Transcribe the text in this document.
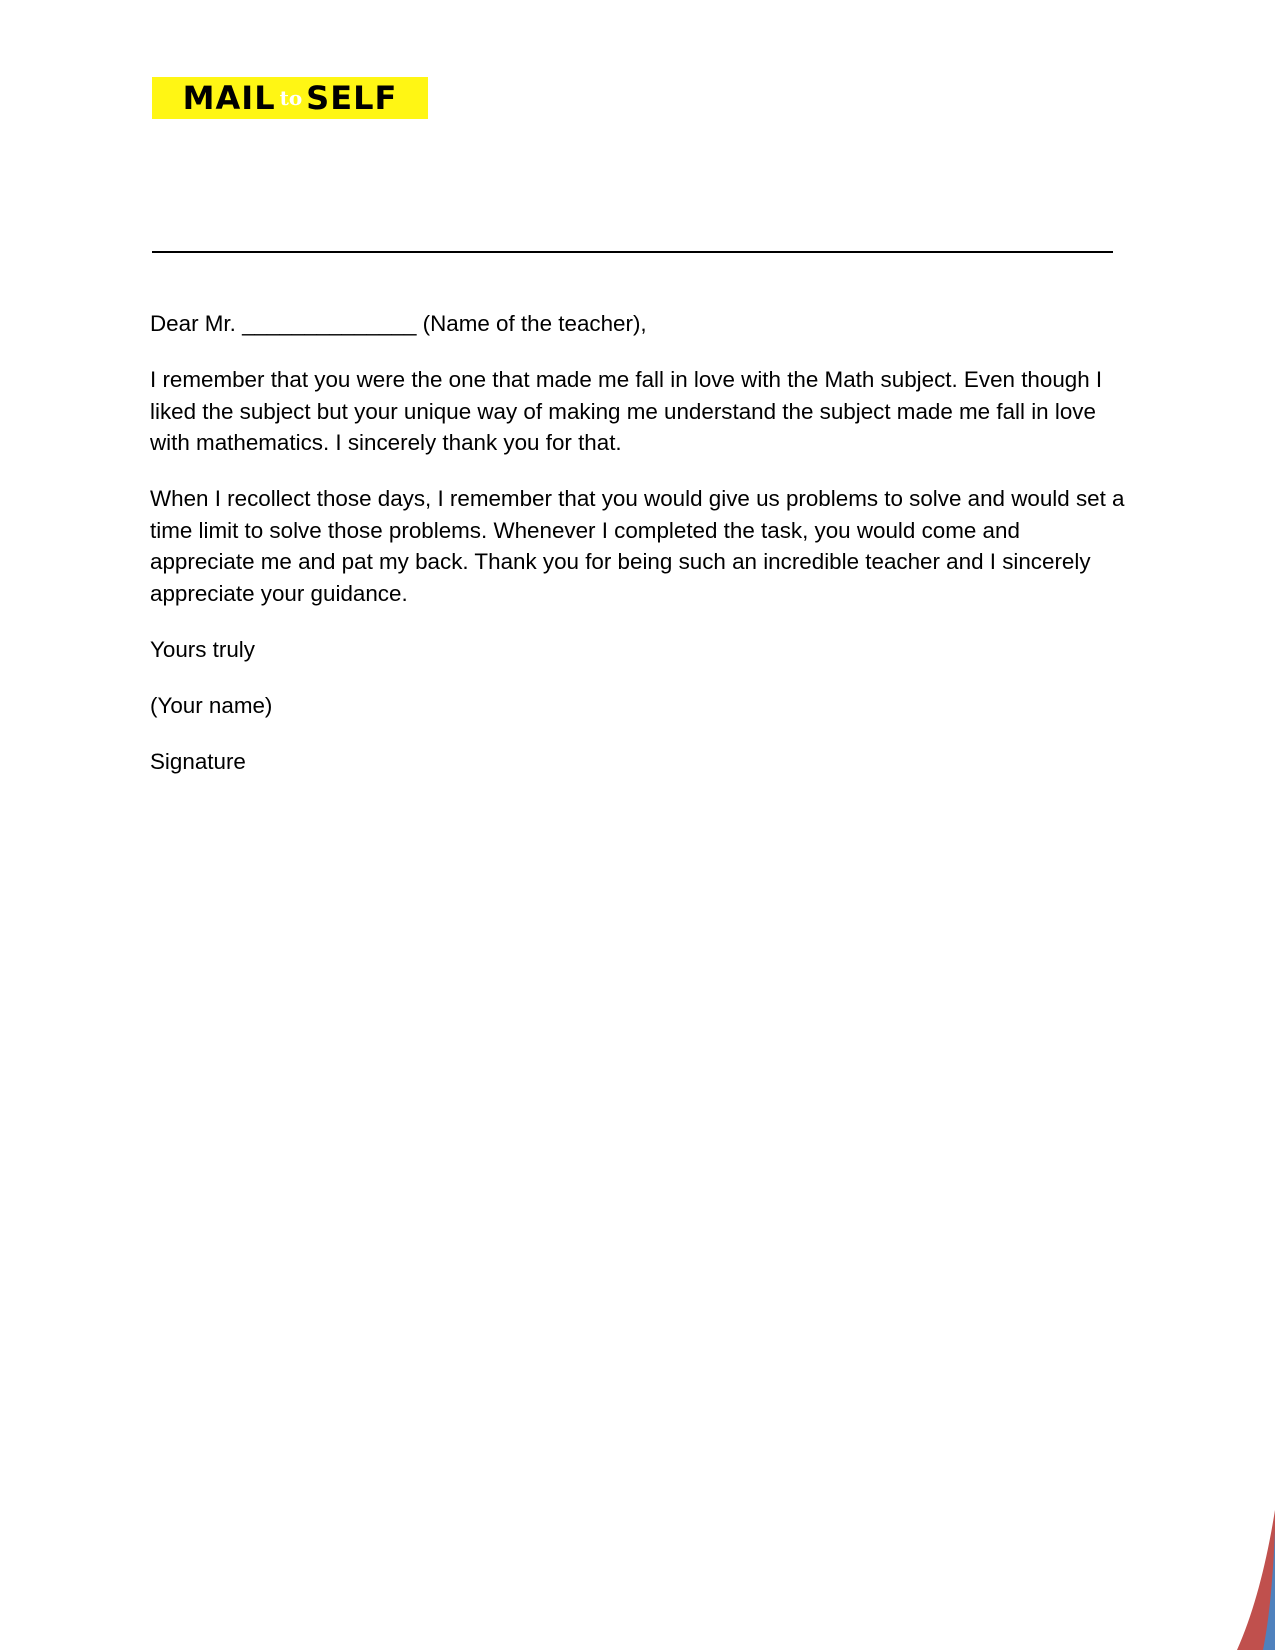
MAIL to SELF

Dear Mr. ______________ (Name of the teacher),

I remember that you were the one that made me fall in love with the Math subject. Even though I liked the subject but your unique way of making me understand the subject made me fall in love with mathematics. I sincerely thank you for that.

When I recollect those days, I remember that you would give us problems to solve and would set a time limit to solve those problems. Whenever I completed the task, you would come and appreciate me and pat my back. Thank you for being such an incredible teacher and I sincerely appreciate your guidance.

Yours truly

(Your name)

Signature
